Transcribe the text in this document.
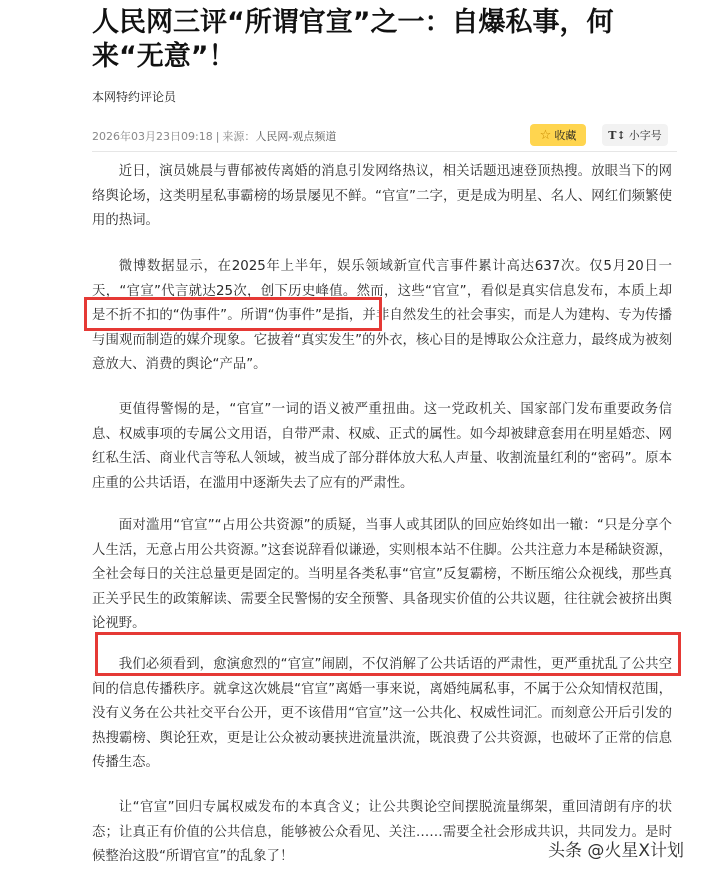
人民网三评“所谓官宣”之一：自爆私事，何来“无意”！
本网特约评论员
2026年03月23日09:18 | 来源：人民网-观点频道	☆ 收藏	T↕ 小字号

近日，演员姚晨与曹郁被传离婚的消息引发网络热议，相关话题迅速登顶热搜。放眼当下的网络舆论场，这类明星私事霸榜的场景屡见不鲜。“官宣”二字，更是成为明星、名人、网红们频繁使用的热词。

微博数据显示，在2025年上半年，娱乐领域新宣代言事件累计高达637次。仅5月20日一天，“官宣”代言就达25次，创下历史峰值。然而，这些“官宣”，看似是真实信息发布，本质上却是不折不扣的“伪事件”。所谓“伪事件”是指，并非自然发生的社会事实，而是人为建构、专为传播与围观而制造的媒介现象。它披着“真实发生”的外衣，核心目的是博取公众注意力，最终成为被刻意放大、消费的舆论“产品”。

更值得警惕的是，“官宣”一词的语义被严重扭曲。这一党政机关、国家部门发布重要政务信息、权威事项的专属公文用语，自带严肃、权威、正式的属性。如今却被肆意套用在明星婚恋、网红私生活、商业代言等私人领域，被当成了部分群体放大私人声量、收割流量红利的“密码”。原本庄重的公共话语，在滥用中逐渐失去了应有的严肃性。

面对滥用“官宣”“占用公共资源”的质疑，当事人或其团队的回应始终如出一辙：“只是分享个人生活，无意占用公共资源。”这套说辞看似谦逊，实则根本站不住脚。公共注意力本是稀缺资源，全社会每日的关注总量更是固定的。当明星各类私事“官宣”反复霸榜，不断压缩公众视线，那些真正关乎民生的政策解读、需要全民警惕的安全预警、具备现实价值的公共议题，往往就会被挤出舆论视野。

我们必须看到，愈演愈烈的“官宣”闹剧，不仅消解了公共话语的严肃性，更严重扰乱了公共空间的信息传播秩序。就拿这次姚晨“官宣”离婚一事来说，离婚纯属私事，不属于公众知情权范围，没有义务在公共社交平台公开，更不该借用“官宣”这一公共化、权威性词汇。而刻意公开后引发的热搜霸榜、舆论狂欢，更是让公众被动裹挟进流量洪流，既浪费了公共资源，也破坏了正常的信息传播生态。

让“官宣”回归专属权威发布的本真含义；让公共舆论空间摆脱流量绑架，重回清朗有序的状态；让真正有价值的公共信息，能够被公众看见、关注……需要全社会形成共识，共同发力。是时候整治这股“所谓官宣”的乱象了！	头条 @火星X计划
